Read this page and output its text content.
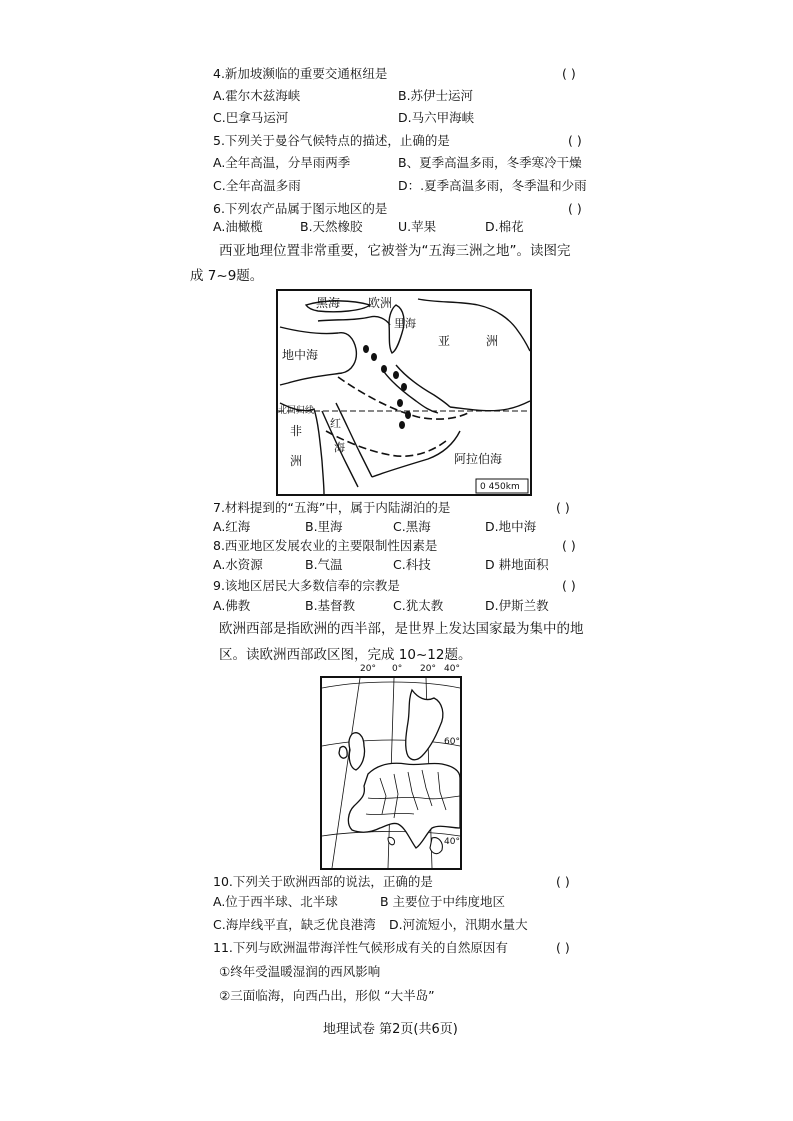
4.新加坡濒临的重要交通枢纽是	( )
A.霍尔木兹海峡	B.苏伊士运河
C.巴拿马运河	D.马六甲海峡
5.下列关于曼谷气候特点的描述，止确的是	( )
A.全年高温，分旱雨两季	B、夏季高温多雨，冬季寒冷干燥
C.全年高温多雨	D：.夏季高温多雨，冬季温和少雨
6.下列农产品属于图示地区的是	( )
A.油橄榄	B.天然橡胶	U.苹果	D.棉花
西亚地理位置非常重要，它被誉为“五海三洲之地”。读图完
成 7~9题。
黑海 欧洲
里海
亚	洲
地中海
北回归线
非
洲
红
海
阿拉伯海
0 450km
7.材料提到的“五海”中，属于内陆湖泊的是	( )
A.红海	B.里海	C.黑海	D.地中海
8.西亚地区发展农业的主要限制性因素是	( )
A.水资源	B.气温	C.科技	D 耕地面积
9.该地区居民大多数信奉的宗教是	( )
A.佛教	B.基督教	C.犹太教	D.伊斯兰教
欧洲西部是指欧洲的西半部，是世界上发达国家最为集中的地
区。读欧洲西部政区图，完成 10~12题。
60°
40°
20° 0° 20° 40°
10.下列关于欧洲西部的说法，正确的是	( )
A.位于西半球、北半球	B 主要位于中纬度地区
C.海岸线平直，缺乏优良港湾 D.河流短小，汛期水量大
11.下列与欧洲温带海洋性气候形成有关的自然原因有	( )
①终年受温暖湿润的西风影响
②三面临海，向西凸出，形似 “大半岛”
地理试卷 第2页(共6页)
